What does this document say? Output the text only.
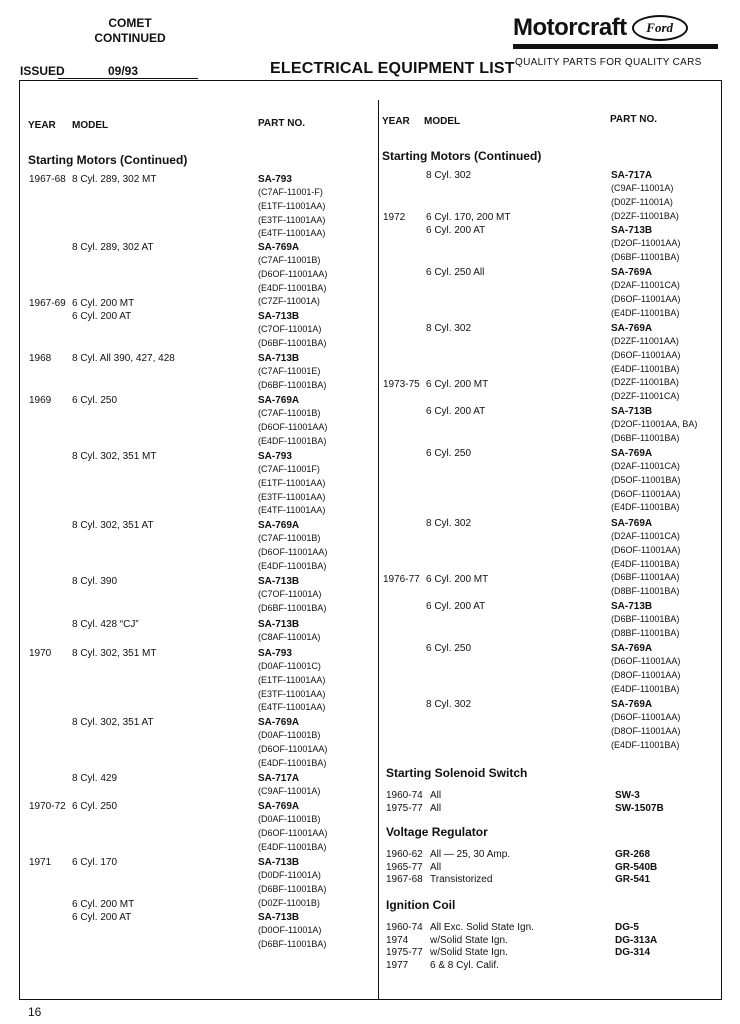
COMET
CONTINUED
ISSUED	09/93	ELECTRICAL EQUIPMENT LIST
Motorcraft	Ford
QUALITY PARTS FOR QUALITY CARS
YEAR MODEL	PART NO.	YEAR MODEL	PART NO.
Starting Motors (Continued)	Starting Motors (Continued)
1967-68 8 Cyl. 289, 302 MT	SA-793
(C7AF-11001-F)
(E1TF-11001AA)
(E3TF-11001AA)
(E4TF-11001AA)
8 Cyl. 289, 302 AT	SA-769A
(C7AF-11001B)
(D6OF-11001AA)
(E4DF-11001BA)
(C7ZF-11001A)
1967-69 6 Cyl. 200 MT
6 Cyl. 200 AT	SA-713B
(C7OF-11001A)
(D6BF-11001BA)
1968 8 Cyl. All 390, 427, 428	SA-713B
(C7AF-11001E)
(D6BF-11001BA)
1969 6 Cyl. 250	SA-769A
(C7AF-11001B)
(D6OF-11001AA)
(E4DF-11001BA)
8 Cyl. 302, 351 MT	SA-793
(C7AF-11001F)
(E1TF-11001AA)
(E3TF-11001AA)
(E4TF-11001AA)
8 Cyl. 302, 351 AT	SA-769A
(C7AF-11001B)
(D6OF-11001AA)
(E4DF-11001BA)
8 Cyl. 390	SA-713B
(C7OF-11001A)
(D6BF-11001BA)
8 Cyl. 428 “CJ”	SA-713B
(C8AF-11001A)
1970 8 Cyl. 302, 351 MT	SA-793
(D0AF-11001C)
(E1TF-11001AA)
(E3TF-11001AA)
(E4TF-11001AA)
8 Cyl. 302, 351 AT	SA-769A
(D0AF-11001B)
(D6OF-11001AA)
(E4DF-11001BA)
8 Cyl. 429	SA-717A
(C9AF-11001A)
1970-72 6 Cyl. 250	SA-769A
(D0AF-11001B)
(D6OF-11001AA)
(E4DF-11001BA)
1971 6 Cyl. 170	SA-713B
(D0DF-11001A)
(D6BF-11001BA)
(D0ZF-11001B)
6 Cyl. 200 MT
6 Cyl. 200 AT	SA-713B
(D0OF-11001A)
(D6BF-11001BA)
8 Cyl. 302	SA-717A
(C9AF-11001A)
(D0ZF-11001A)
(D2ZF-11001BA)
1972 6 Cyl. 170, 200 MT
6 Cyl. 200 AT	SA-713B
(D2OF-11001AA)
(D6BF-11001BA)
6 Cyl. 250 All	SA-769A
(D2AF-11001CA)
(D6OF-11001AA)
(E4DF-11001BA)
8 Cyl. 302	SA-769A
(D2ZF-11001AA)
(D6OF-11001AA)
(E4DF-11001BA)
(D2ZF-11001BA)
(D2ZF-11001CA)
1973-75 6 Cyl. 200 MT
6 Cyl. 200 AT	SA-713B
(D2OF-11001AA, BA)
(D6BF-11001BA)
6 Cyl. 250	SA-769A
(D2AF-11001CA)
(D5OF-11001BA)
(D6OF-11001AA)
(E4DF-11001BA)
8 Cyl. 302	SA-769A
(D2AF-11001CA)
(D6OF-11001AA)
(E4DF-11001BA)
(D6BF-11001AA)
(D8BF-11001BA)
1976-77 6 Cyl. 200 MT
6 Cyl. 200 AT	SA-713B
(D6BF-11001BA)
(D8BF-11001BA)
6 Cyl. 250	SA-769A
(D6OF-11001AA)
(D8OF-11001AA)
(E4DF-11001BA)
8 Cyl. 302	SA-769A
(D6OF-11001AA)
(D8OF-11001AA)
(E4DF-11001BA)
Starting Solenoid Switch
1960-74 All	SW-3
1975-77 All	SW-1507B
Voltage Regulator
1960-62 All — 25, 30 Amp.	GR-268
1965-77 All	GR-540B
1967-68 Transistorized	GR-541
Ignition Coil
1960-74 All Exc. Solid State Ign.	DG-5
1974 w/Solid State Ign.	DG-313A
1975-77 w/Solid State Ign.	DG-314
1977 6 & 8 Cyl. Calif.
16
